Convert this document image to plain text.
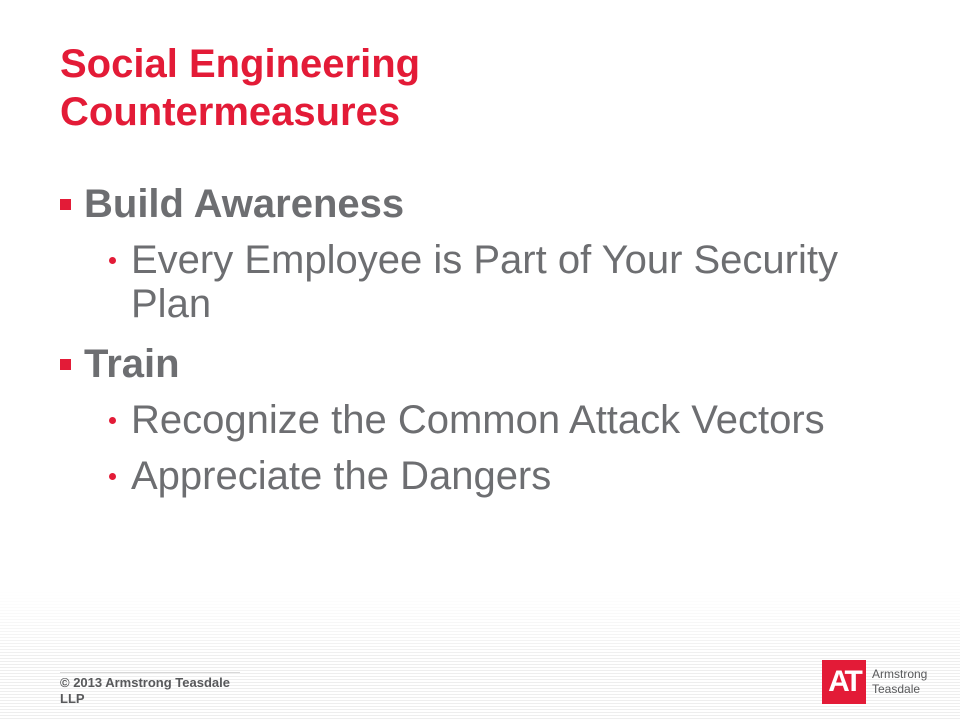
Social Engineering
Countermeasures
Build Awareness
Every Employee is Part of Your Security Plan
Train
Recognize the Common Attack Vectors
Appreciate the Dangers
© 2013 Armstrong Teasdale LLP
AT	Armstrong
Teasdale
